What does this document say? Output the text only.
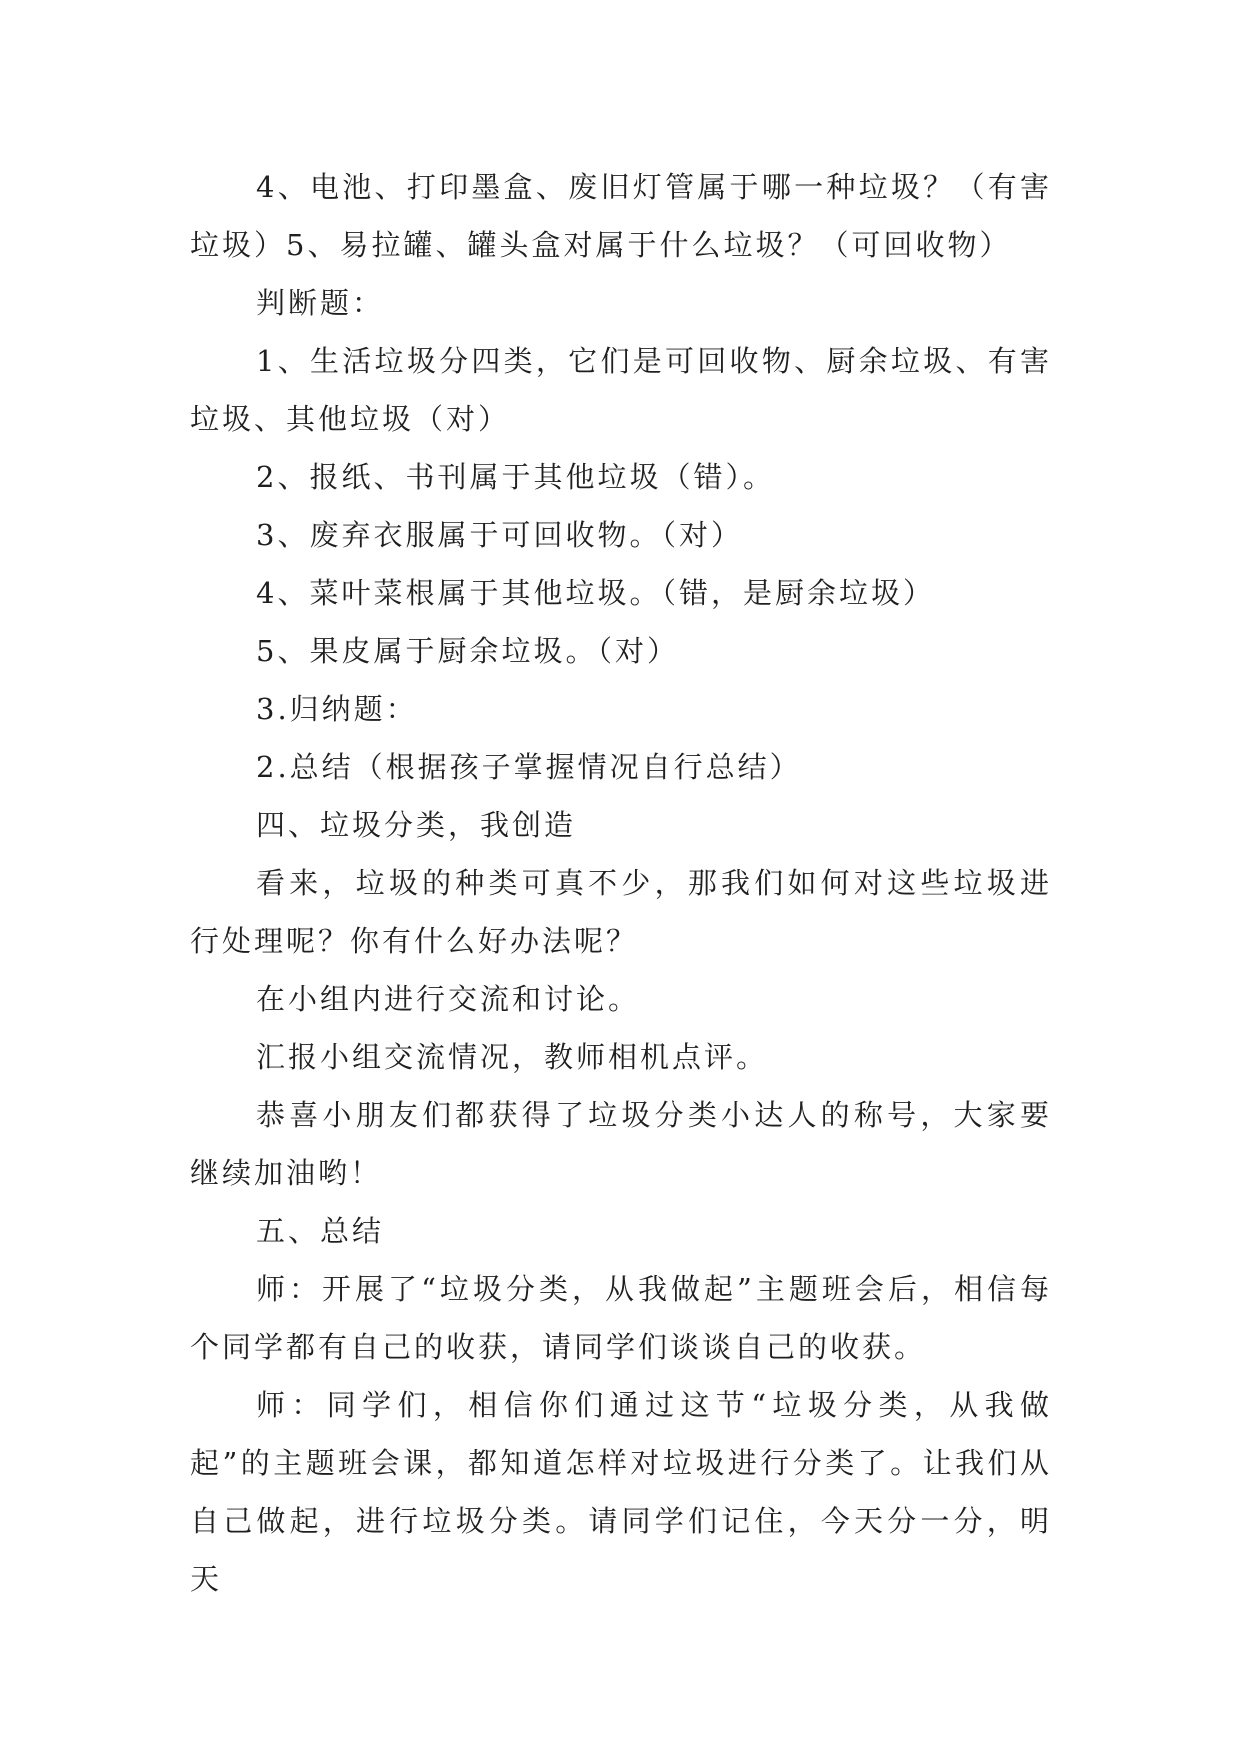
4、电池、打印墨盒、废旧灯管属于哪一种垃圾？（有害垃圾）5、易拉罐、罐头盒对属于什么垃圾？（可回收物）

判断题：

1、生活垃圾分四类，它们是可回收物、厨余垃圾、有害垃圾、其他垃圾（对）

2、报纸、书刊属于其他垃圾（错）。

3、废弃衣服属于可回收物。（对）

4、菜叶菜根属于其他垃圾。（错，是厨余垃圾）

5、果皮属于厨余垃圾。（对）

3.归纳题：

2.总结（根据孩子掌握情况自行总结）

四、垃圾分类，我创造

看来，垃圾的种类可真不少，那我们如何对这些垃圾进行处理呢？你有什么好办法呢？

在小组内进行交流和讨论。

汇报小组交流情况，教师相机点评。

恭喜小朋友们都获得了垃圾分类小达人的称号，大家要继续加油哟！

五、总结

师：开展了“垃圾分类，从我做起”主题班会后，相信每个同学都有自己的收获，请同学们谈谈自己的收获。

师：同学们，相信你们通过这节“垃圾分类，从我做起”的主题班会课，都知道怎样对垃圾进行分类了。让我们从自己做起，进行垃圾分类。请同学们记住，今天分一分，明天
